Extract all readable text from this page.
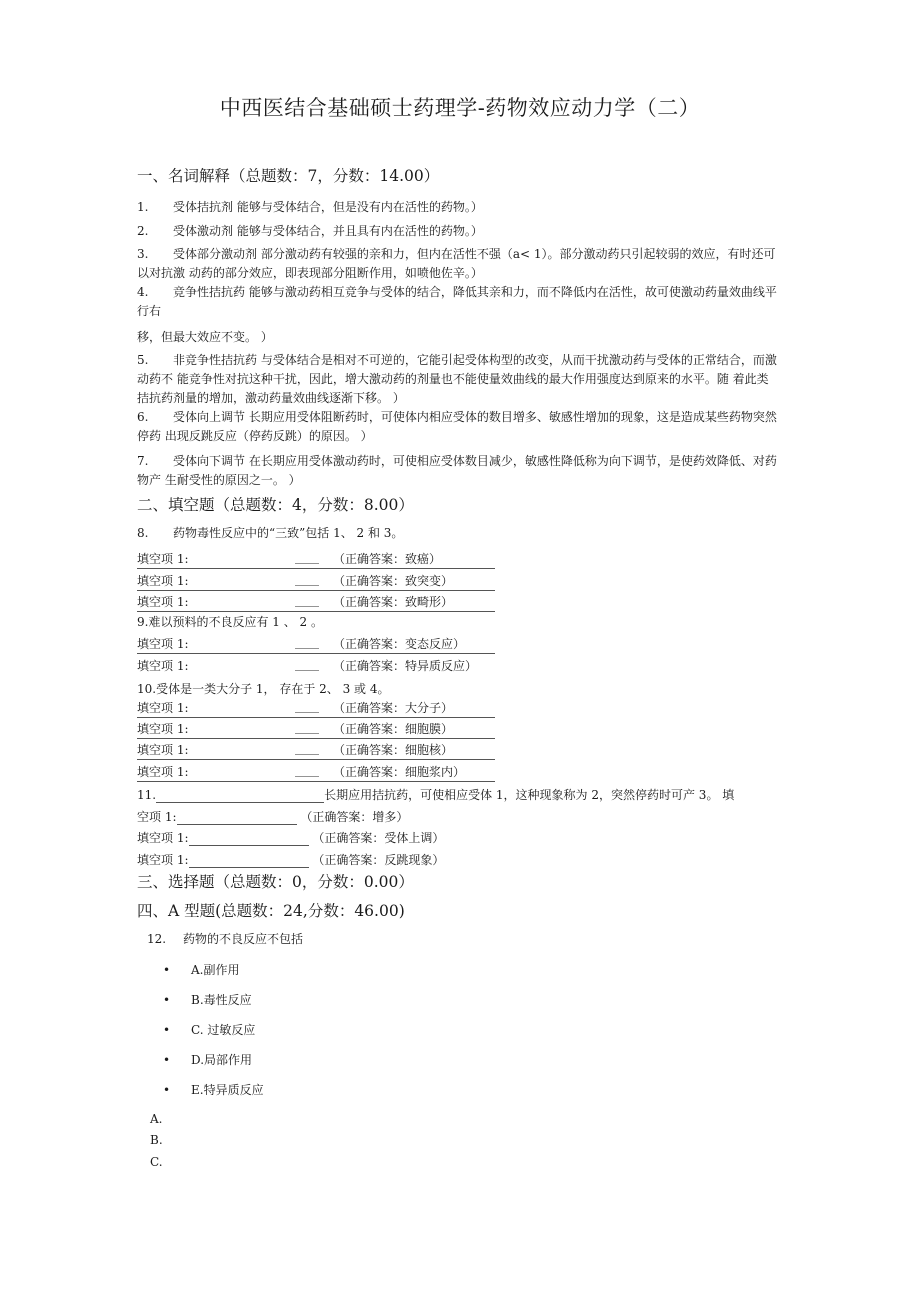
中西医结合基础硕士药理学-药物效应动力学（二）
一、名词解释（总题数：7，分数：14.00）
1. 受体拮抗剂 能够与受体结合，但是没有内在活性的药物。）
2. 受体激动剂 能够与受体结合，并且具有内在活性的药物。）
3. 受体部分激动剂 部分激动药有较强的亲和力，但内在活性不强（a< 1）。部分激动药只引起较弱的效应，有时还可以对抗激 动药的部分效应，即表现部分阻断作用，如喷他佐辛。）
4. 竞争性拮抗药 能够与激动药相互竞争与受体的结合，降低其亲和力，而不降低内在活性，故可使激动药量效曲线平行右
移，但最大效应不变。 ）
5. 非竞争性拮抗药 与受体结合是相对不可逆的，它能引起受体构型的改变，从而干扰激动药与受体的正常结合，而激动药不 能竞争性对抗这种干扰，因此，增大激动药的剂量也不能使量效曲线的最大作用强度达到原来的水平。随 着此类拮抗药剂量的增加，激动药量效曲线逐渐下移。 ）
6. 受体向上调节 长期应用受体阻断药时，可使体内相应受体的数目增多、敏感性增加的现象，这是造成某些药物突然停药 出现反跳反应（停药反跳）的原因。 ）
7. 受体向下调节 在长期应用受体激动药时，可使相应受体数目减少，敏感性降低称为向下调节，是使药效降低、对药物产 生耐受性的原因之一。 ）
二、填空题（总题数：4，分数：8.00）
8. 药物毒性反应中的“三致”包括 1、 2 和 3。
填空项 1:	____ （正确答案：致癌）
填空项 1:	____ （正确答案：致突变）
填空项 1:	____ （正确答案：致畸形）
9.难以预料的不良反应有 1 、 2 。
填空项 1:	____ （正确答案：变态反应）
填空项 1:	____ （正确答案：特异质反应）
10.受体是一类大分子 1， 存在于 2、 3 或 4。
填空项 1:	____ （正确答案：大分子）
填空项 1:	____ （正确答案：细胞膜）
填空项 1:	____ （正确答案：细胞核）
填空项 1:	____ （正确答案：细胞浆内）
11.	长期应用拮抗药，可使相应受体 1，这种现象称为 2，突然停药时可产 3。 填
空项 1:	（正确答案：增多）
填空项 1:	（正确答案：受体上调）
填空项 1:	（正确答案：反跳现象）
三、选择题（总题数：0，分数：0.00）
四、A 型题(总题数：24,分数：46.00)
12. 药物的不良反应不包括
• A.副作用
• B.毒性反应
• C. 过敏反应
• D.局部作用
• E.特异质反应
A.
B.
C.
